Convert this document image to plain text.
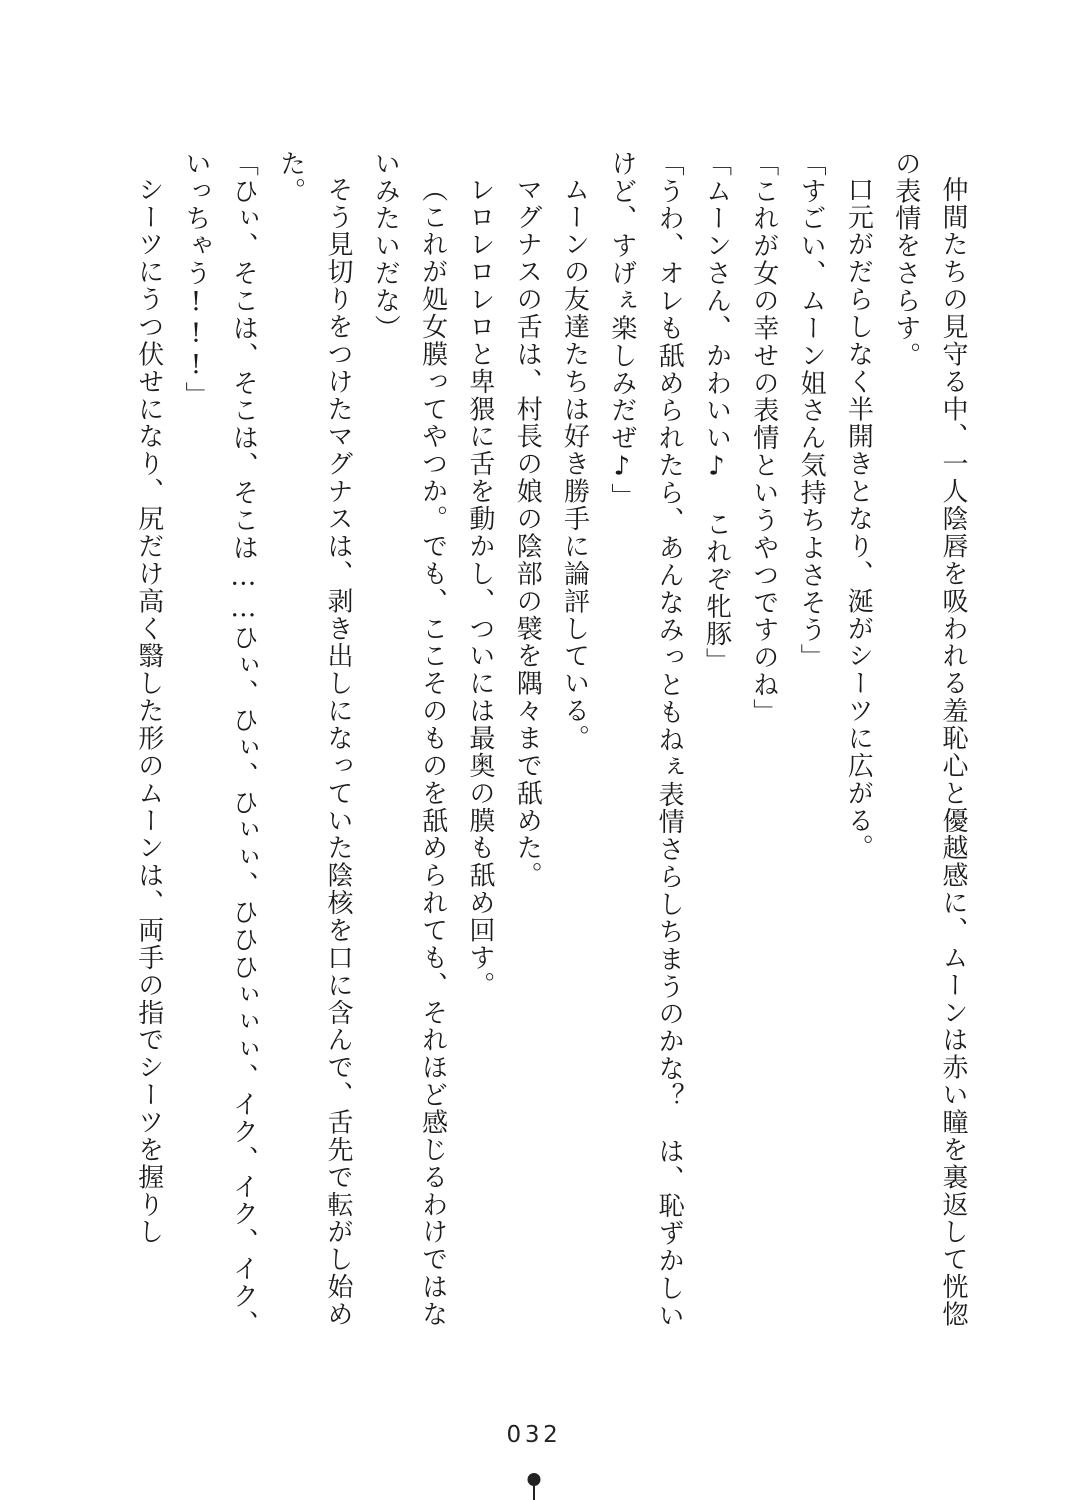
仲間たちの見守る中、一人陰唇を吸われる羞恥心と優越感に、ムーンは赤い瞳を裏返して恍惚の表情をさらす。

口元がだらしなく半開きとなり、涎がシーツに広がる。

「すごい、ムーン姐さん気持ちよさそう」

「これが女の幸せの表情というやつですのね」

「ムーンさん、かわいい♪　これぞ牝豚」

「うわ、オレも舐められたら、あんなみっともねぇ表情さらしちまうのかな？　は、恥ずかしいけど、すげぇ楽しみだぜ♪」

ムーンの友達たちは好き勝手に論評している。

マグナスの舌は、村長の娘の陰部の襞を隅々まで舐めた。

レロレロレロと卑猥に舌を動かし、ついには最奥の膜も舐め回す。

（これが処女膜ってやつか。でも、ここそのものを舐められても、それほど感じるわけではないみたいだな）

そう見切りをつけたマグナスは、剥き出しになっていた陰核を口に含んで、舌先で転がし始めた。

「ひぃ、そこは、そこは、そこは……ひぃ、ひぃ、ひぃぃ、ひひひぃぃぃ、イク、イク、イク、いっちゃう!!!」

シーツにうつ伏せになり、尻だけ高く翳した形のムーンは、両手の指でシーツを握りし

032
